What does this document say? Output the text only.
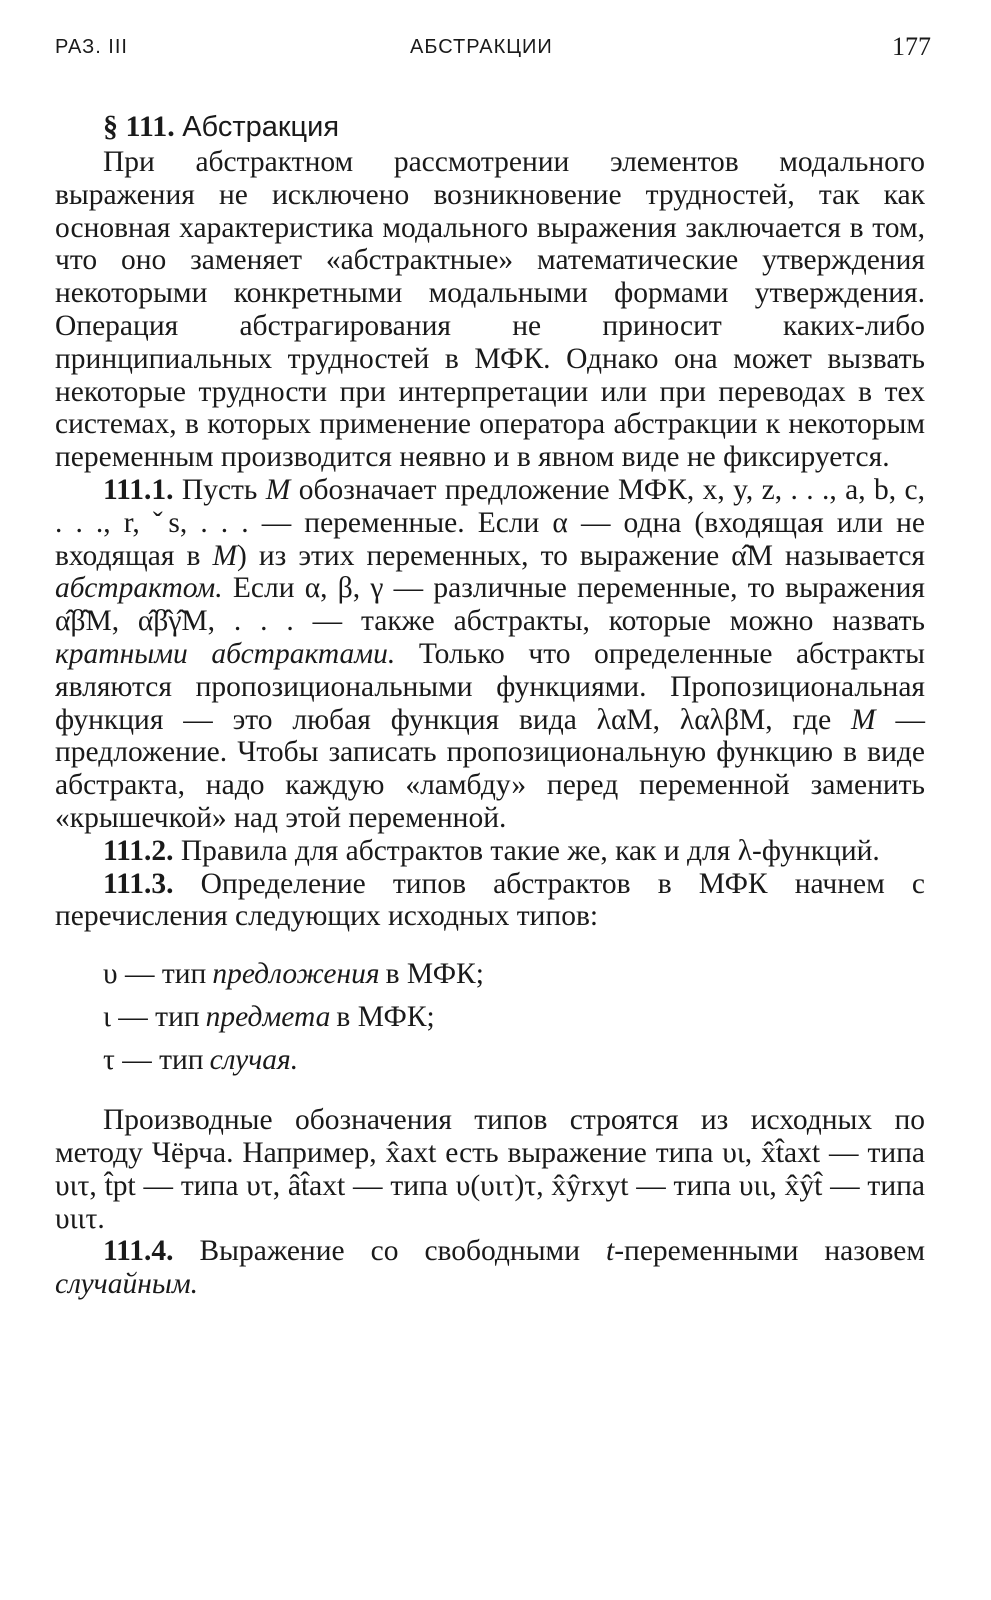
РАЗ. III	АБСТРАКЦИИ	177
§ 111. Абстракция

При абстрактном рассмотрении элементов модального выражения не исключено возникновение трудностей, так как основная характеристика модального выражения заключается в том, что оно заменяет «абстрактные» математические утверждения некоторыми конкретными модальными формами утверждения. Операция абстрагирования не приносит каких-либо принципиальных трудностей в МФК. Однако она может вызвать некоторые трудности при интерпретации или при переводах в тех системах, в которых применение оператора абстракции к некоторым переменным производится неявно и в явном виде не фиксируется.

111.1. Пусть M обозначает предложение МФК, x, y, z, . . ., a, b, c, . . ., r, ˇs, . . . — переменные. Если α — одна (входящая или не входящая в M) из этих переменных, то выражение α̂M называется абстрактом. Если α, β, γ — различные переменные, то выражения α̂β̂M, α̂β̂γ̂M, . . . — также абстракты, которые можно назвать кратными абстрактами. Только что определенные абстракты являются пропозициональными функциями. Пропозициональная функция — это любая функция вида λαM, λαλβM, где M — предложение. Чтобы записать пропозициональную функцию в виде абстракта, надо каждую «ламбду» перед переменной заменить «крышечкой» над этой переменной.

111.2. Правила для абстрактов такие же, как и для λ-функций.

111.3. Определение типов абстрактов в МФК начнем с перечисления следующих исходных типов:

υ — тип предложения в МФК;
ι — тип предмета в МФК;
τ — тип случая.

Производные обозначения типов строятся из исходных по методу Чёрча. Например, x̂axt есть выражение типа υι, x̂t̂axt — типа υιτ, t̂pt — типа υτ, ât̂axt — типа υ(υιτ)τ, x̂ŷrxyt — типа υιι, x̂ŷt̂ — типа υιιτ.

111.4. Выражение со свободными t-переменными назовем случайным.
